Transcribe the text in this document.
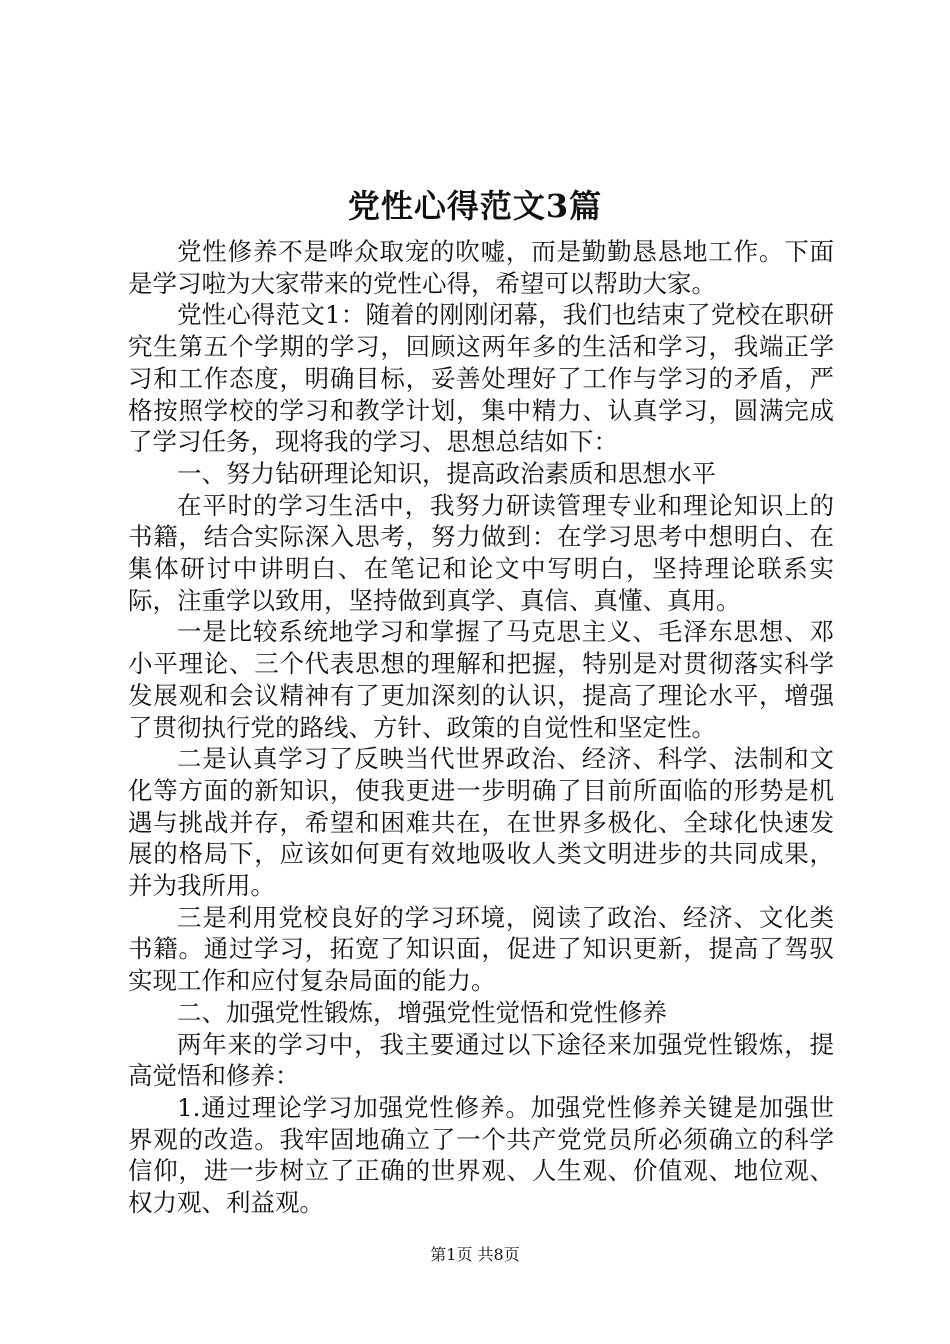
党性心得范文3篇

党性修养不是哗众取宠的吹嘘，而是勤勤恳恳地工作。下面是学习啦为大家带来的党性心得，希望可以帮助大家。

党性心得范文1：随着的刚刚闭幕，我们也结束了党校在职研究生第五个学期的学习，回顾这两年多的生活和学习，我端正学习和工作态度，明确目标，妥善处理好了工作与学习的矛盾，严格按照学校的学习和教学计划，集中精力、认真学习，圆满完成了学习任务，现将我的学习、思想总结如下：

一、努力钻研理论知识，提高政治素质和思想水平

在平时的学习生活中，我努力研读管理专业和理论知识上的书籍，结合实际深入思考，努力做到：在学习思考中想明白、在集体研讨中讲明白、在笔记和论文中写明白，坚持理论联系实际，注重学以致用，坚持做到真学、真信、真懂、真用。

一是比较系统地学习和掌握了马克思主义、毛泽东思想、邓小平理论、三个代表思想的理解和把握，特别是对贯彻落实科学发展观和会议精神有了更加深刻的认识，提高了理论水平，增强了贯彻执行党的路线、方针、政策的自觉性和坚定性。

二是认真学习了反映当代世界政治、经济、科学、法制和文化等方面的新知识，使我更进一步明确了目前所面临的形势是机遇与挑战并存，希望和困难共在，在世界多极化、全球化快速发展的格局下，应该如何更有效地吸收人类文明进步的共同成果，并为我所用。

三是利用党校良好的学习环境，阅读了政治、经济、文化类书籍。通过学习，拓宽了知识面，促进了知识更新，提高了驾驭实现工作和应付复杂局面的能力。

二、加强党性锻炼，增强党性觉悟和党性修养

两年来的学习中，我主要通过以下途径来加强党性锻炼，提高觉悟和修养：

1.通过理论学习加强党性修养。加强党性修养关键是加强世界观的改造。我牢固地确立了一个共产党党员所必须确立的科学信仰，进一步树立了正确的世界观、人生观、价值观、地位观、权力观、利益观。

第1页 共8页
